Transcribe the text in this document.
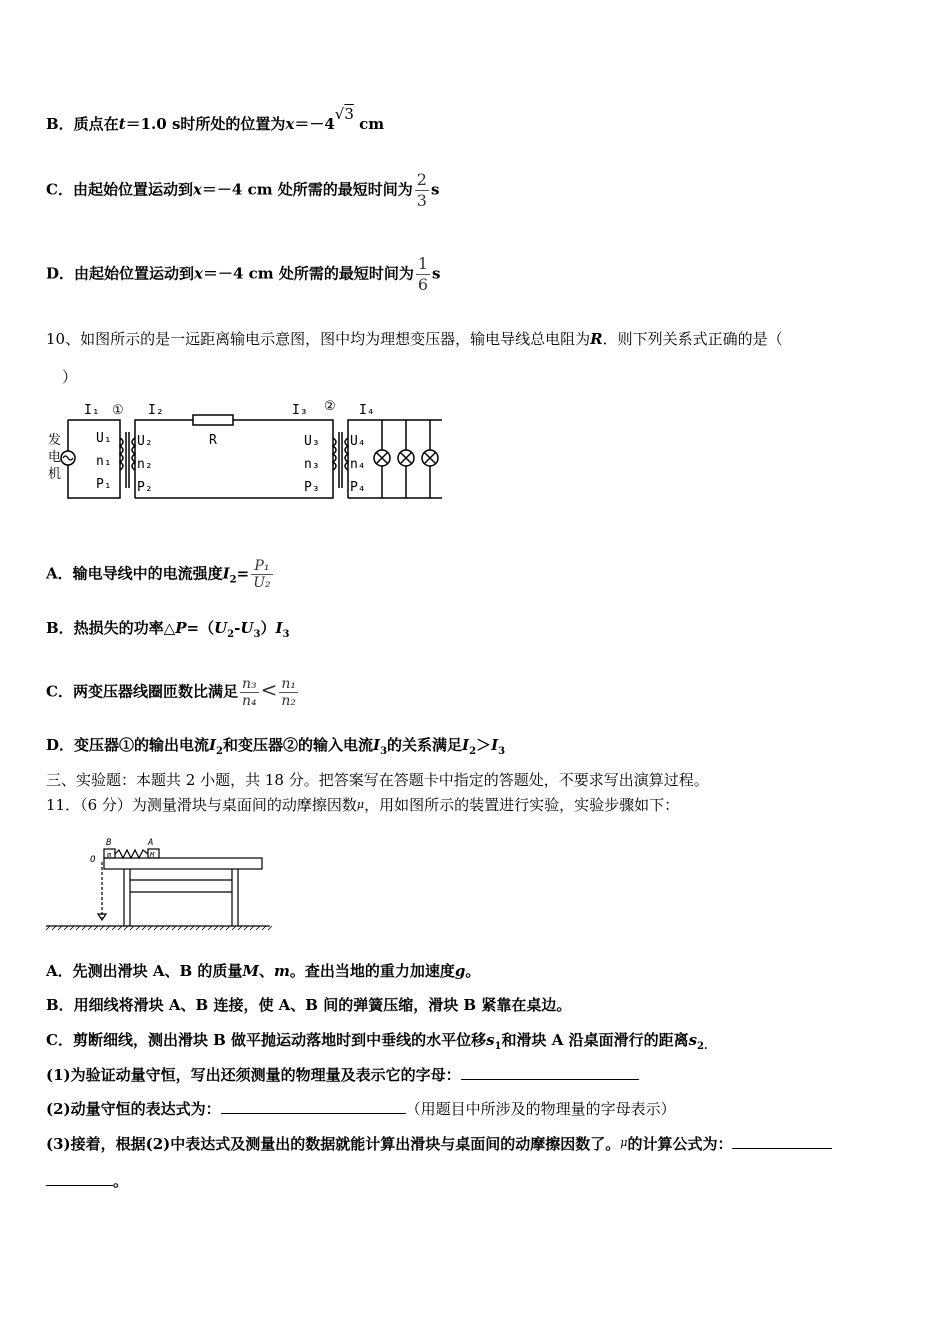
B．质点在t＝1.0 s时所处的位置为x＝－4√3 cm
C．由起始位置运动到x＝－4 cm 处所需的最短时间为 $\frac{2}{3}$ s
D．由起始位置运动到x＝－4 cm 处所需的最短时间为 $\frac{1}{6}$ s
10、如图所示的是一远距离输电示意图，图中均为理想变压器，输电导线总电阻为R．则下列关系式正确的是（
）
发
电
机
I₁ ① I₂
R
I₃ ② I₄
U₁
n₁
P₁
U₂
n₂
P₂
U₃
n₃
P₃
U₄
n₄
P₄
A．输电导线中的电流强度$I_2= \frac{\text{P₁}}{\text{U₂}}$
B．热损失的功率$\triangle P=(U_2-U_3)I_3$
C．两变压器线圈匝数比满足 $\frac{\text{n₃}}{\text{n₄}} < \frac{\text{n₁}}{\text{n₂}}$
D．变压器①的输出电流$I_2$和变压器②的输入电流$I_3$的关系满足$I_2>I_3$
三、实验题：本题共 2 小题，共 18 分。把答案写在答题卡中指定的答题处，不要求写出演算过程。
11．（6 分）为测量滑块与桌面间的动摩擦因数$^\mu$，用如图所示的装置进行实验，实验步骤如下：
B	A
O m	M
A．先测出滑块 A、B 的质量M、m。查出当地的重力加速度g。
B．用细线将滑块 A、B 连接，使 A、B 间的弹簧压缩，滑块 B 紧靠在桌边。
C．剪断细线，测出滑块 B 做平抛运动落地时到中垂线的水平位移$s_1$和滑块 A 沿桌面滑行的距离$s_{2.}$
(1)为验证动量守恒，写出还须测量的物理量及表示它的字母：
(2)动量守恒的表达式为：	（用题目中所涉及的物理量的字母表示）
(3)接着，根据(2)中表达式及测量出的数据就能计算出滑块与桌面间的动摩擦因数了。$^\mu$的计算公式为：
。
